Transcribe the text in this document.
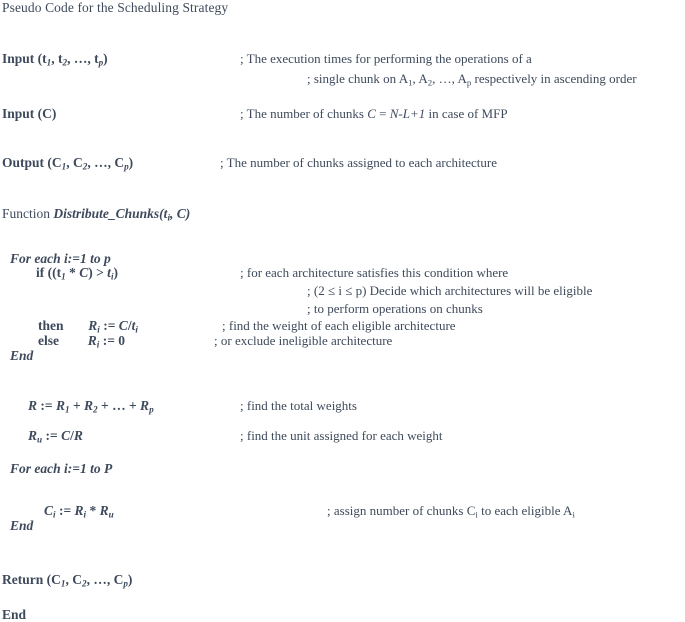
Pseudo Code for the Scheduling Strategy
Input ($t_1$, $t_2$, …, $t_p$)	; The execution times for performing the operations of a
; single chunk on $A_1$, $A_2$, …, $A_p$ respectively in ascending order
Input (C)	; The number of chunks C = N-L+1 in case of MFP
Output ($C_1$, $C_2$, …, $C_p$)	; The number of chunks assigned to each architecture
Function $Distribute\_Chunks(t_i$, C)
For each i:=1 to p
if $((t_1 * C) > t_i)$	; for each architecture satisfies this condition where
; (2 ≤ i ≤ p) Decide which architectures will be eligible
; to perform operations on chunks
then $R_i$ := $C/t_i$	; find the weight of each eligible architecture
else $R_i$ := 0	; or exclude ineligible architecture
End
R := $R_1 + R_2$ + … + $R_p$	; find the total weights
$R_u$ := C/R	; find the unit assigned for each weight
For each i:=1 to P
$C_i$ := $R_i * R_u$	; assign number of chunks $C_i$ to each eligible $A_i$
End
Return ($C_1$, $C_2$, …, $C_p$)
End
